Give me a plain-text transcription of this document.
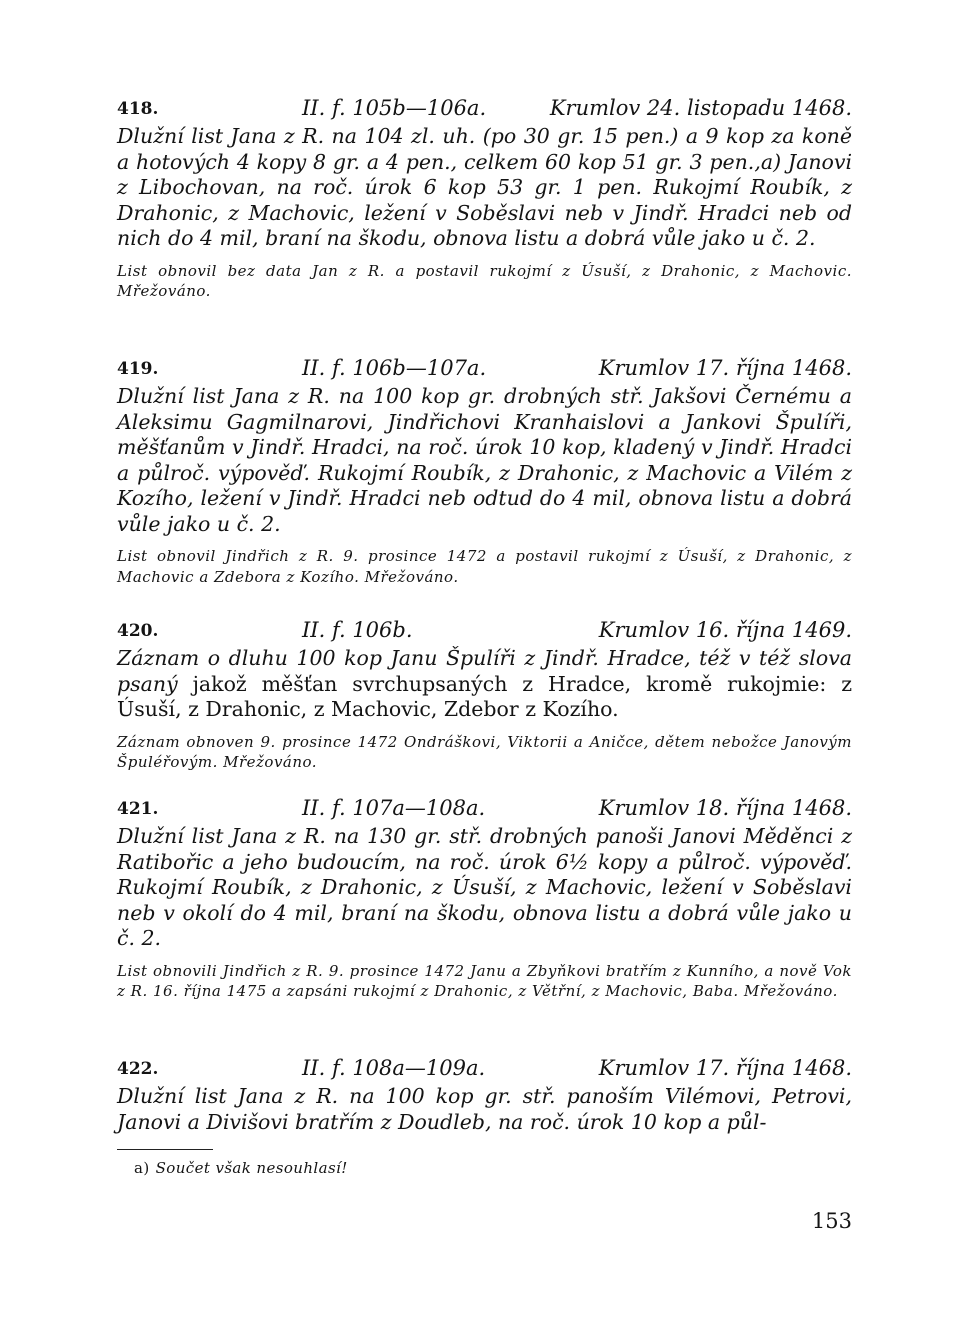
418.	II. f. 105b—106a.	Krumlov 24. listopadu 1468.
Dlužní list Jana z R. na 104 zl. uh. (po 30 gr. 15 pen.) a 9 kop za koně a hotových 4 kopy 8 gr. a 4 pen., celkem 60 kop 51 gr. 3 pen.,a) Janovi z Libochovan, na roč. úrok 6 kop 53 gr. 1 pen. Rukojmí Roubík, z Drahonic, z Machovic, ležení v Soběslavi neb v Jindř. Hradci neb od nich do 4 mil, braní na škodu, obnova listu a dobrá vůle jako u č. 2.
List obnovil bez data Jan z R. a postavil rukojmí z Úsuší, z Drahonic, z Machovic. Mřežováno.
419.	II. f. 106b—107a.	Krumlov 17. října 1468.
Dlužní list Jana z R. na 100 kop gr. drobných stř. Jakšovi Černému a Aleksimu Gagmilnarovi, Jindřichovi Kranhaislovi a Jankovi Špulíři, měšťanům v Jindř. Hradci, na roč. úrok 10 kop, kladený v Jindř. Hradci a půlroč. výpověď. Rukojmí Roubík, z Drahonic, z Machovic a Vilém z Kozího, ležení v Jindř. Hradci neb odtud do 4 mil, obnova listu a dobrá vůle jako u č. 2.
List obnovil Jindřich z R. 9. prosince 1472 a postavil rukojmí z Úsuší, z Drahonic, z Machovic a Zdebora z Kozího. Mřežováno.
420.	II. f. 106b.	Krumlov 16. října 1469.
Záznam o dluhu 100 kop Janu Špulíři z Jindř. Hradce, též v též slova psaný jakož měšťan svrchupsaných z Hradce, kromě rukojmie: z Úsuší, z Drahonic, z Machovic, Zdebor z Kozího.
Záznam obnoven 9. prosince 1472 Ondráškovi, Viktorii a Aničce, dětem nebožce Janovým Špuléřovým. Mřežováno.
421.	II. f. 107a—108a.	Krumlov 18. října 1468.
Dlužní list Jana z R. na 130 gr. stř. drobných panoši Janovi Měděnci z Ratibořic a jeho budoucím, na roč. úrok 6½ kopy a půlroč. výpověď. Rukojmí Roubík, z Drahonic, z Úsuší, z Machovic, ležení v Soběslavi neb v okolí do 4 mil, braní na škodu, obnova listu a dobrá vůle jako u č. 2.
List obnovili Jindřich z R. 9. prosince 1472 Janu a Zbyňkovi bratřím z Kunního, a nově Vok z R. 16. října 1475 a zapsáni rukojmí z Drahonic, z Větřní, z Machovic, Baba. Mřežováno.
422.	II. f. 108a—109a.	Krumlov 17. října 1468.
Dlužní list Jana z R. na 100 kop gr. stř. panoším Vilémovi, Petrovi, Janovi a Divišovi bratřím z Doudleb, na roč. úrok 10 kop a půl-
a) Součet však nesouhlasí!
153
